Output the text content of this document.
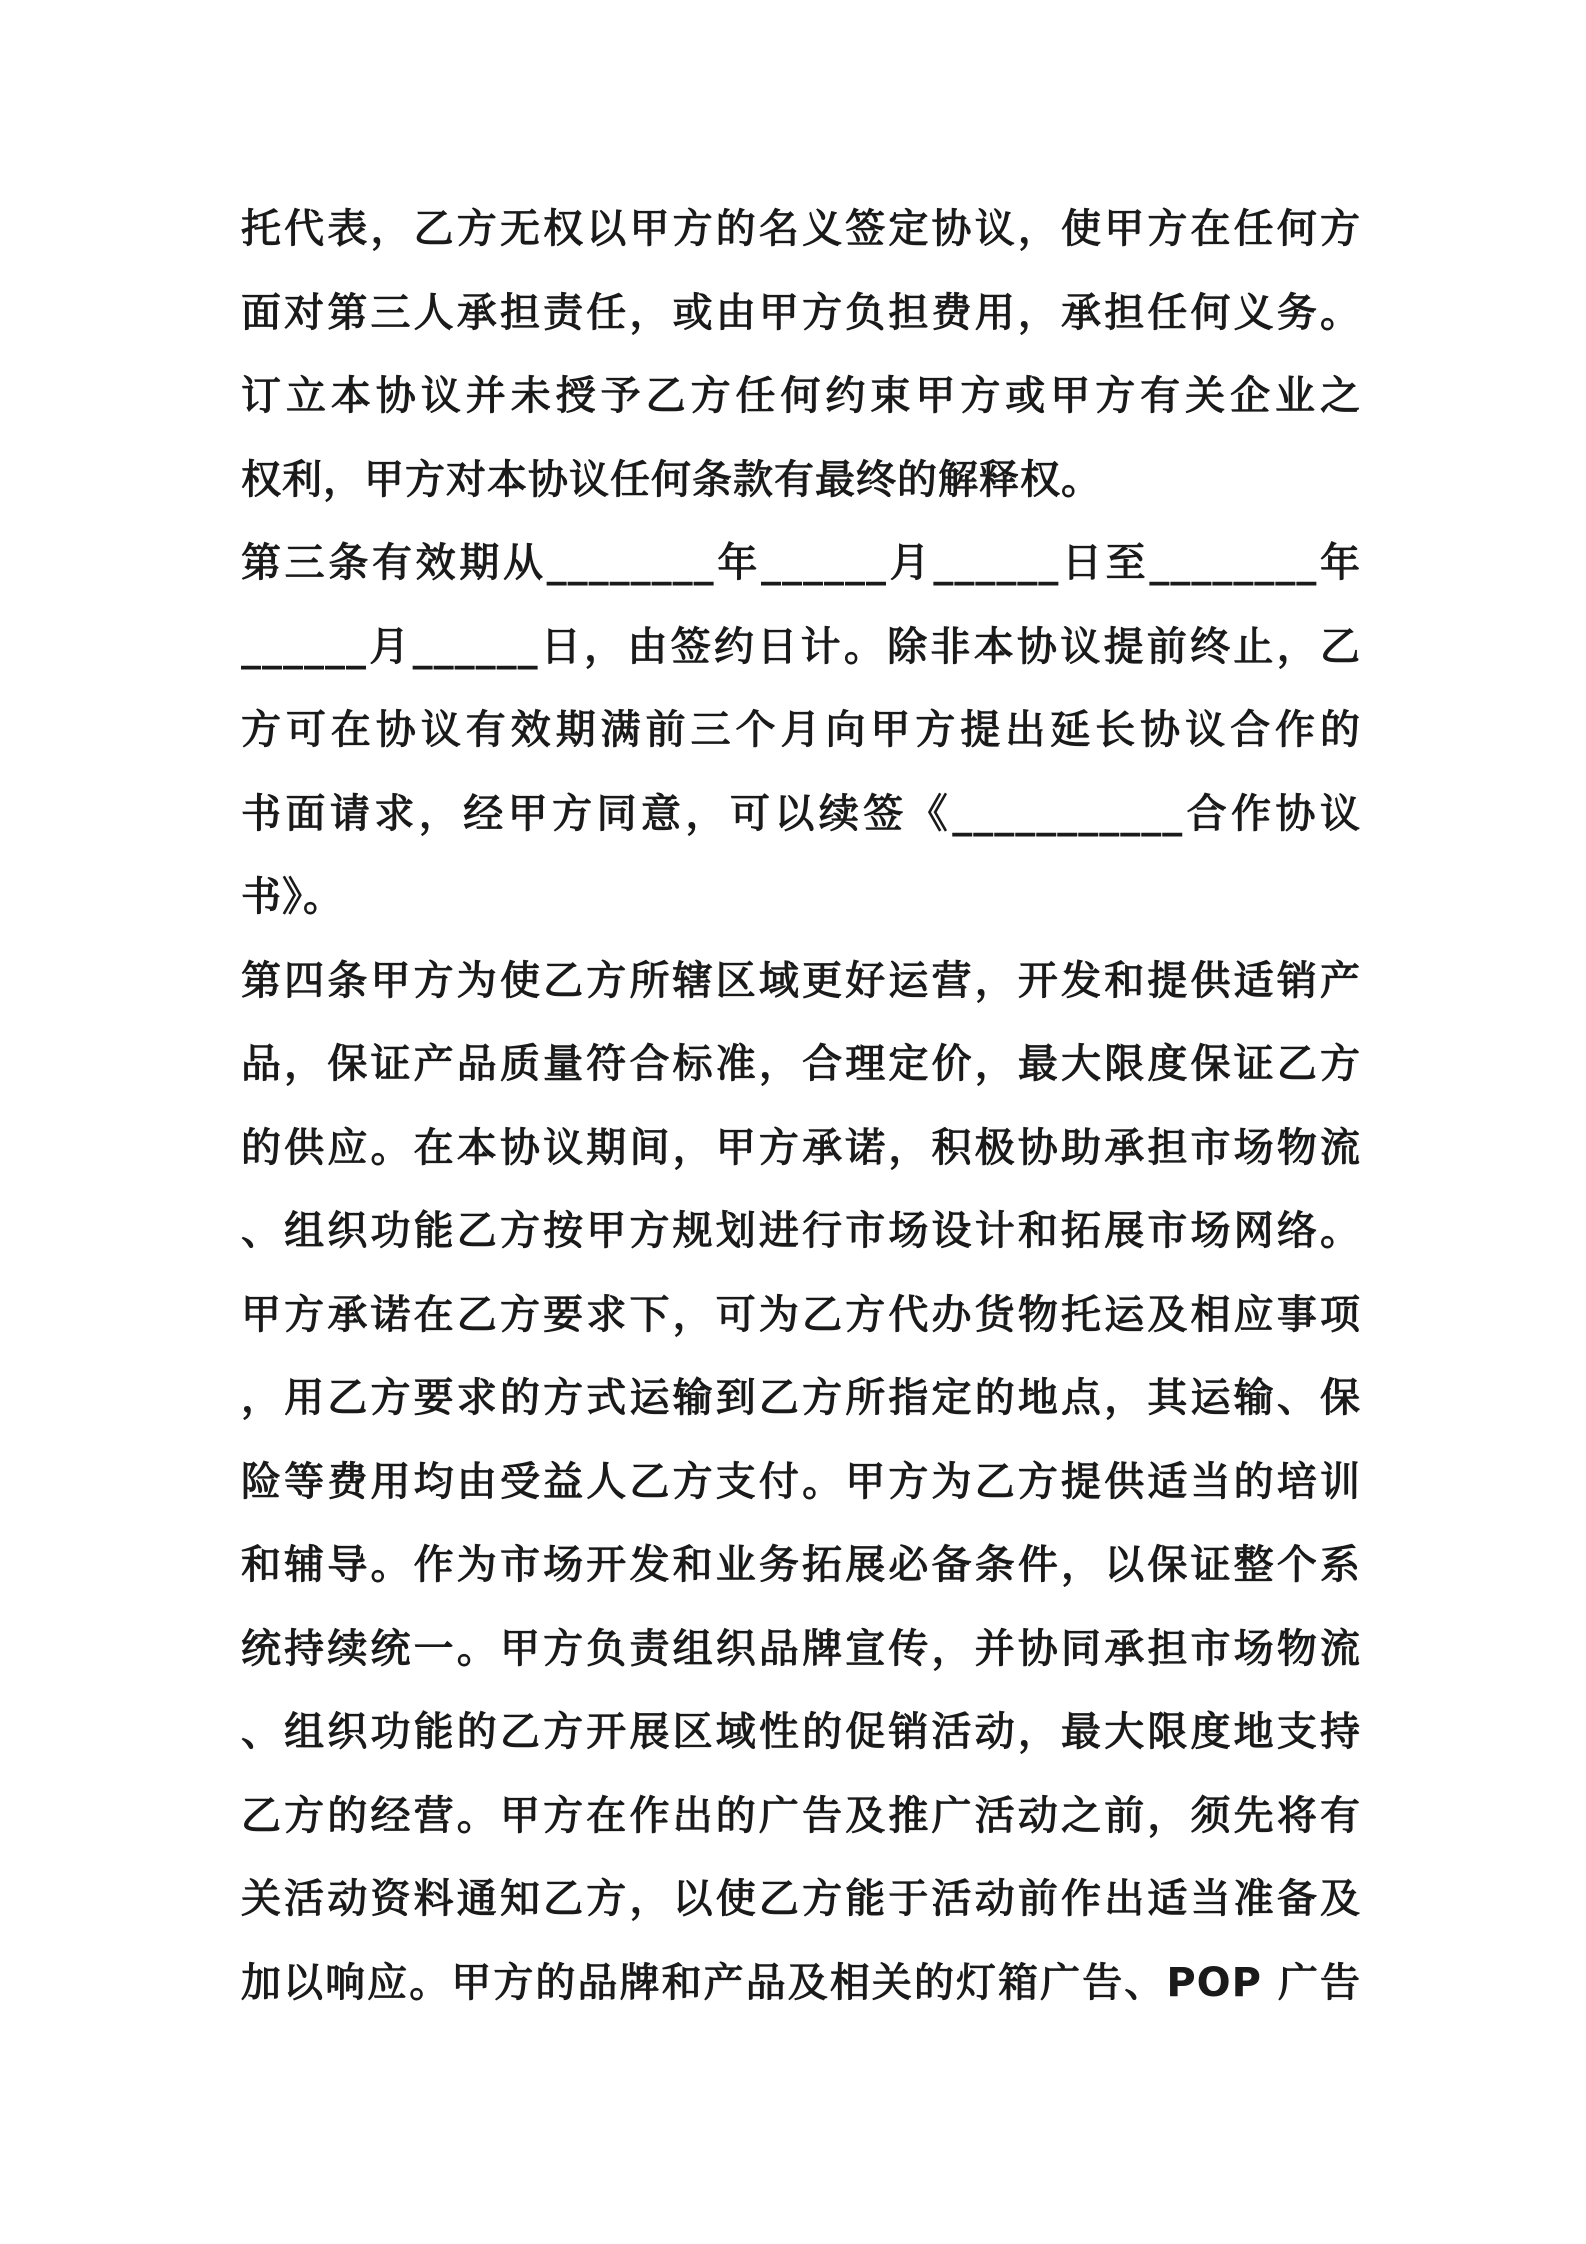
托代表，乙方无权以甲方的名义签定协议，使甲方在任何方
面对第三人承担责任，或由甲方负担费用，承担任何义务。
订立本协议并未授予乙方任何约束甲方或甲方有关企业之
权利，甲方对本协议任何条款有最终的解释权。
第三条有效期从________年______月______日至________年
______月______日，由签约日计。除非本协议提前终止，乙
方可在协议有效期满前三个月向甲方提出延长协议合作的
书面请求，经甲方同意，可以续签《___________合作协议
书》。
第四条甲方为使乙方所辖区域更好运营，开发和提供适销产
品，保证产品质量符合标准，合理定价，最大限度保证乙方
的供应。在本协议期间，甲方承诺，积极协助承担市场物流
、组织功能乙方按甲方规划进行市场设计和拓展市场网络。
甲方承诺在乙方要求下，可为乙方代办货物托运及相应事项
，用乙方要求的方式运输到乙方所指定的地点，其运输、保
险等费用均由受益人乙方支付。甲方为乙方提供适当的培训
和辅导。作为市场开发和业务拓展必备条件，以保证整个系
统持续统一。甲方负责组织品牌宣传，并协同承担市场物流
、组织功能的乙方开展区域性的促销活动，最大限度地支持
乙方的经营。甲方在作出的广告及推广活动之前，须先将有
关活动资料通知乙方，以使乙方能于活动前作出适当准备及
加以响应。甲方的品牌和产品及相关的灯箱广告、POP 广告
